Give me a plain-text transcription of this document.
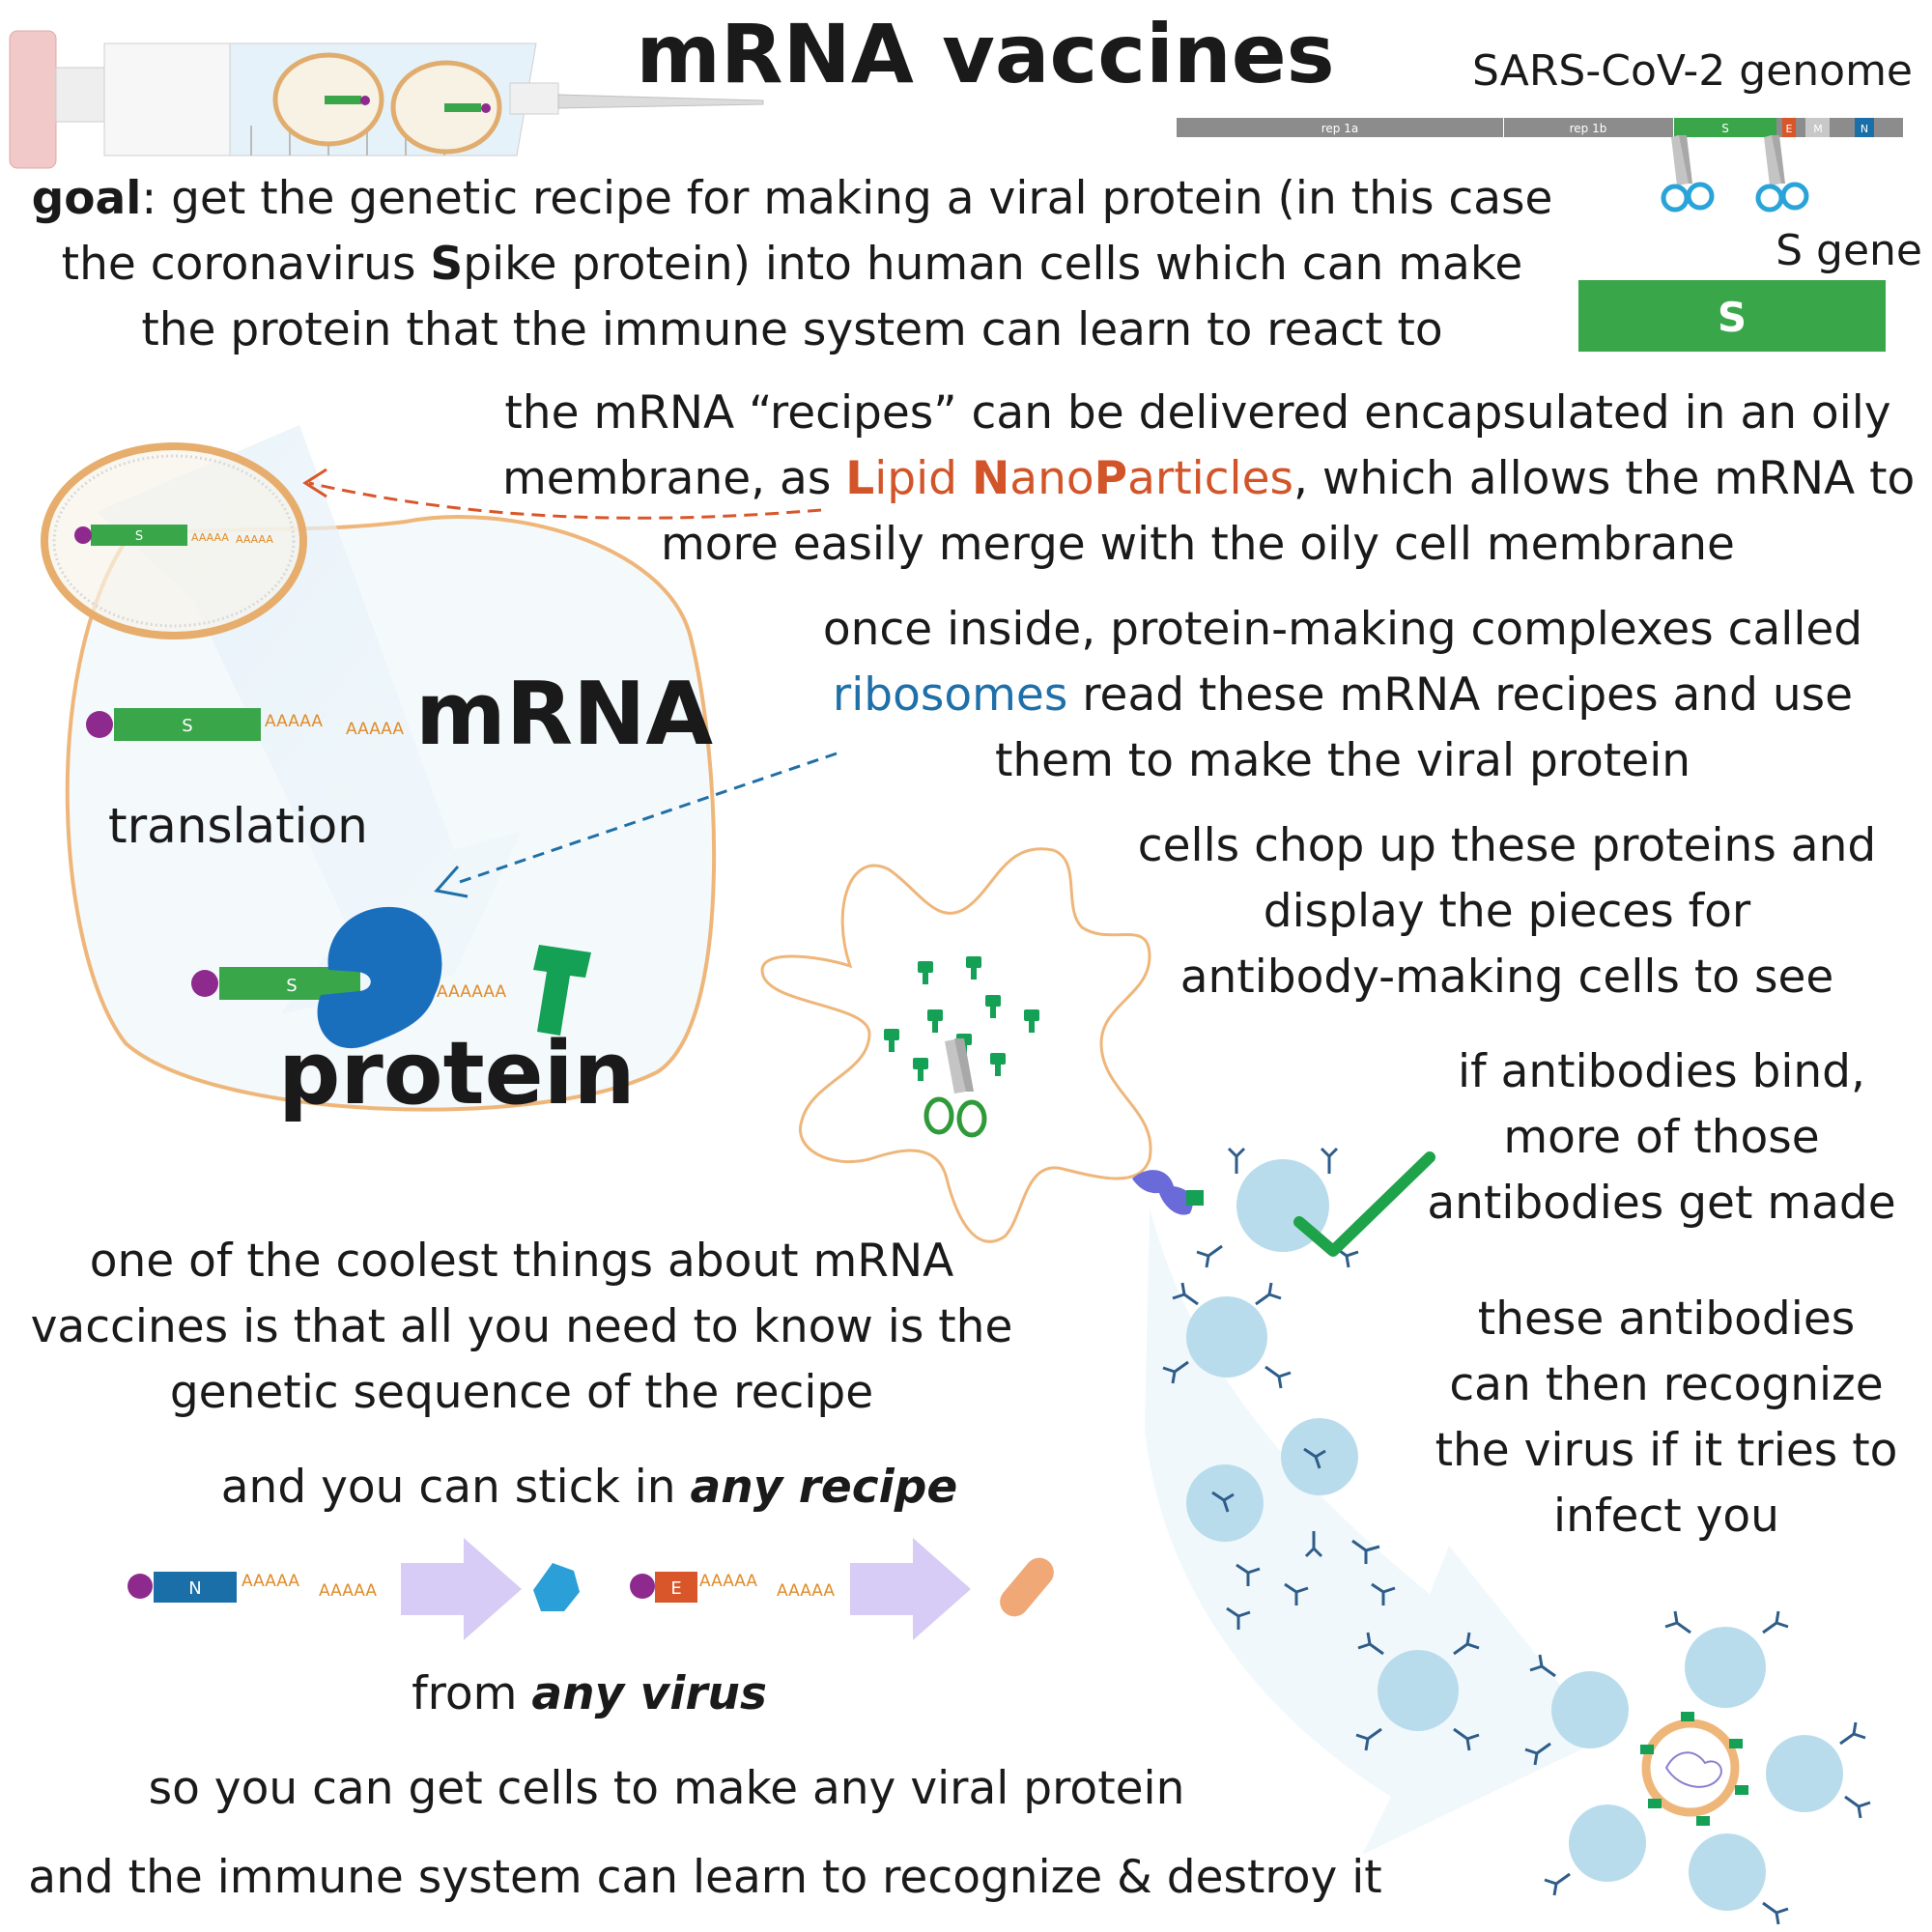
rep 1a	rep 1b	S	E M	N
S
S	AAAAA AAAAA
S	AAAAA AAAAA
S	AAAAAA
N AAAAA AAAAA	E AAAAA AAAAA
mRNA vaccines	SARS-CoV-2 genome
S gene
goal: get the genetic recipe for making a viral protein (in this case
the coronavirus Spike protein) into human cells which can make
the protein that the immune system can learn to react to
the mRNA “recipes” can be delivered encapsulated in an oily
membrane, as Lipid NanoParticles, which allows the mRNA to
more easily merge with the oily cell membrane
once inside, protein-making complexes called
ribosomes read these mRNA recipes and use
them to make the viral protein
mRNA
translation
protein
cells chop up these proteins and
display the pieces for
antibody-making cells to see
if antibodies bind,
more of those
antibodies get made
these antibodies
can then recognize
the virus if it tries to
infect you
one of the coolest things about mRNA
vaccines is that all you need to know is the
genetic sequence of the recipe
and you can stick in any recipe
from any virus
so you can get cells to make any viral protein
and the immune system can learn to recognize & destroy it
